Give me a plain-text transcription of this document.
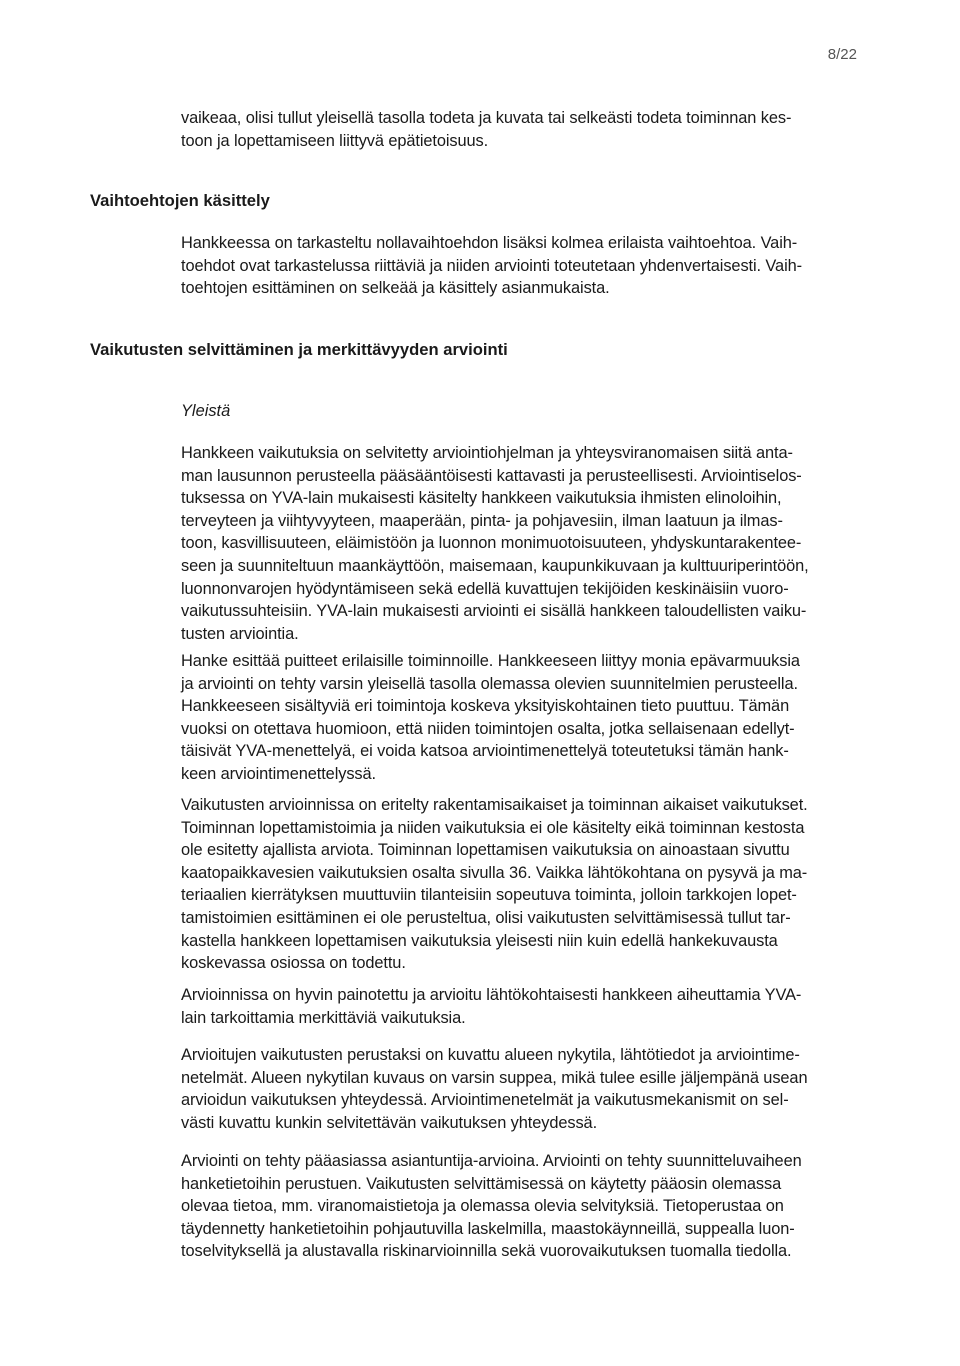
8/22
vaikeaa, olisi tullut yleisellä tasolla todeta ja kuvata tai selkeästi todeta toiminnan kes-
toon ja lopettamiseen liittyvä epätietoisuus.
Vaihtoehtojen käsittely
Hankkeessa on tarkasteltu nollavaihtoehdon lisäksi kolmea erilaista vaihtoehtoa. Vaih-
toehdot ovat tarkastelussa riittäviä ja niiden arviointi toteutetaan yhdenvertaisesti. Vaih-
toehtojen esittäminen on selkeää ja käsittely asianmukaista.
Vaikutusten selvittäminen ja merkittävyyden arviointi
Yleistä
Hankkeen vaikutuksia on selvitetty arviointiohjelman ja yhteysviranomaisen siitä anta-
man lausunnon perusteella pääsääntöisesti kattavasti ja perusteellisesti. Arviointiselos-
tuksessa on YVA-lain mukaisesti käsitelty hankkeen vaikutuksia ihmisten elinoloihin,
terveyteen ja viihtyvyyteen, maaperään, pinta- ja pohjavesiin, ilman laatuun ja ilmas-
toon, kasvillisuuteen, eläimistöön ja luonnon monimuotoisuuteen, yhdyskuntarakentee-
seen ja suunniteltuun maankäyttöön, maisemaan, kaupunkikuvaan ja kulttuuriperintöön,
luonnonvarojen hyödyntämiseen sekä edellä kuvattujen tekijöiden keskinäisiin vuoro-
vaikutussuhteisiin. YVA-lain mukaisesti arviointi ei sisällä hankkeen taloudellisten vaiku-
tusten arviointia.
Hanke esittää puitteet erilaisille toiminnoille. Hankkeeseen liittyy monia epävarmuuksia
ja arviointi on tehty varsin yleisellä tasolla olemassa olevien suunnitelmien perusteella.
Hankkeeseen sisältyviä eri toimintoja koskeva yksityiskohtainen tieto puuttuu. Tämän
vuoksi on otettava huomioon, että niiden toimintojen osalta, jotka sellaisenaan edellyt-
täisivät YVA-menettelyä, ei voida katsoa arviointimenettelyä toteutetuksi tämän hank-
keen arviointimenettelyssä.
Vaikutusten arvioinnissa on eritelty rakentamisaikaiset ja toiminnan aikaiset vaikutukset.
Toiminnan lopettamistoimia ja niiden vaikutuksia ei ole käsitelty eikä toiminnan kestosta
ole esitetty ajallista arviota. Toiminnan lopettamisen vaikutuksia on ainoastaan sivuttu
kaatopaikkavesien vaikutuksien osalta sivulla 36. Vaikka lähtökohtana on pysyvä ja ma-
teriaalien kierrätyksen muuttuviin tilanteisiin sopeutuva toiminta, jolloin tarkkojen lopet-
tamistoimien esittäminen ei ole perusteltua, olisi vaikutusten selvittämisessä tullut tar-
kastella hankkeen lopettamisen vaikutuksia yleisesti niin kuin edellä hankekuvausta
koskevassa osiossa on todettu.
Arvioinnissa on hyvin painotettu ja arvioitu lähtökohtaisesti hankkeen aiheuttamia YVA-
lain tarkoittamia merkittäviä vaikutuksia.
Arvioitujen vaikutusten perustaksi on kuvattu alueen nykytila, lähtötiedot ja arviointime-
netelmät. Alueen nykytilan kuvaus on varsin suppea, mikä tulee esille jäljempänä usean
arvioidun vaikutuksen yhteydessä. Arviointimenetelmät ja vaikutusmekanismit on sel-
västi kuvattu kunkin selvitettävän vaikutuksen yhteydessä.
Arviointi on tehty pääasiassa asiantuntija-arvioina. Arviointi on tehty suunnitteluvaiheen
hanketietoihin perustuen. Vaikutusten selvittämisessä on käytetty pääosin olemassa
olevaa tietoa, mm. viranomaistietoja ja olemassa olevia selvityksiä. Tietoperustaa on
täydennetty hanketietoihin pohjautuvilla laskelmilla, maastokäynneillä, suppealla luon-
toselvityksellä ja alustavalla riskinarvioinnilla sekä vuorovaikutuksen tuomalla tiedolla.
